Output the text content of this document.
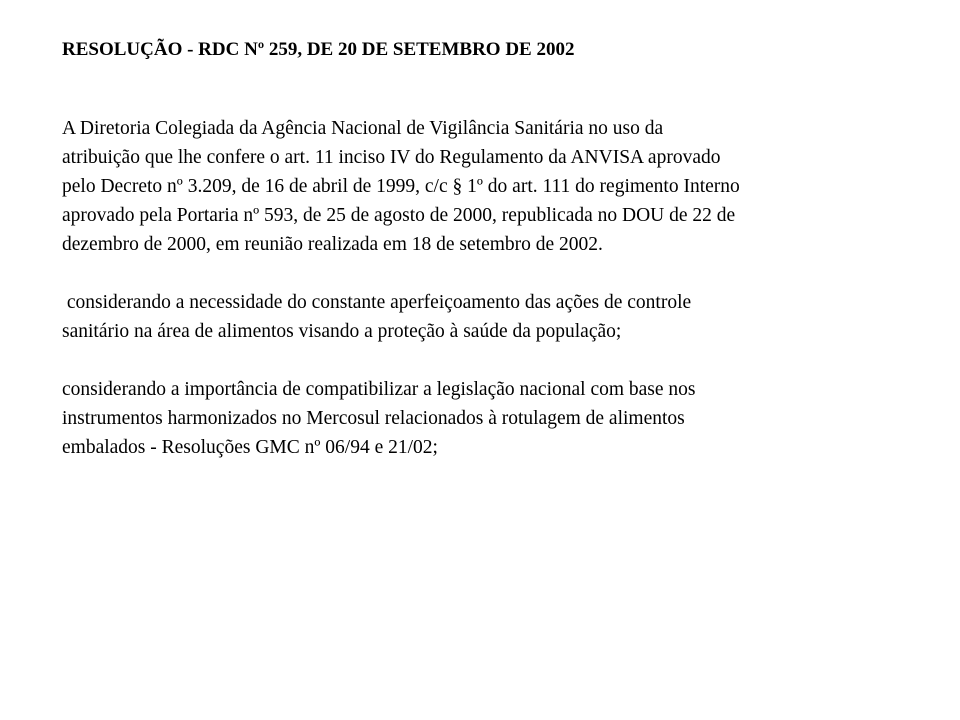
RESOLUÇÃO - RDC Nº 259, DE 20 DE SETEMBRO DE 2002

A Diretoria Colegiada da Agência Nacional de Vigilância Sanitária no uso da
atribuição que lhe confere o art. 11 inciso IV do Regulamento da ANVISA aprovado
pelo Decreto nº 3.209, de 16 de abril de 1999, c/c § 1º do art. 111 do regimento Interno
aprovado pela Portaria nº 593, de 25 de agosto de 2000, republicada no DOU de 22 de
dezembro de 2000, em reunião realizada em 18 de setembro de 2002.

considerando a necessidade do constante aperfeiçoamento das ações de controle
sanitário na área de alimentos visando a proteção à saúde da população;

considerando a importância de compatibilizar a legislação nacional com base nos
instrumentos harmonizados no Mercosul relacionados à rotulagem de alimentos
embalados - Resoluções GMC nº 06/94 e 21/02;
